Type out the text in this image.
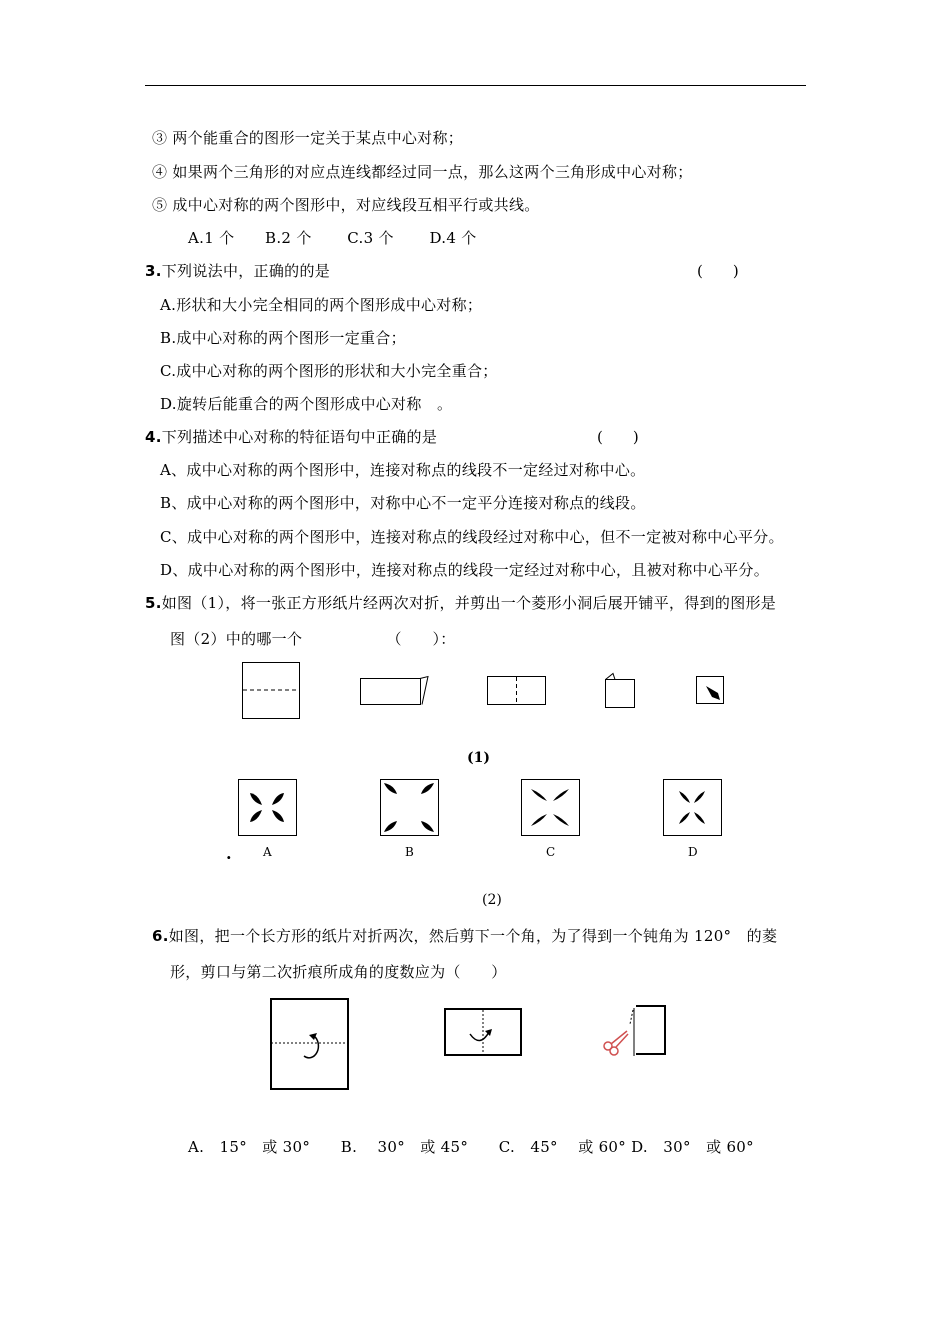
③ 两个能重合的图形一定关于某点中心对称；
④ 如果两个三角形的对应点连线都经过同一点，那么这两个三角形成中心对称；
⑤ 成中心对称的两个图形中，对应线段互相平行或共线。
A.1 个　　B.2 个　　 C.3 个　　 D.4 个
3.下列说法中，正确的的是	(　　)
A.形状和大小完全相同的两个图形成中心对称；
B.成中心对称的两个图形一定重合；
C.成中心对称的两个图形的形状和大小完全重合；
D.旋转后能重合的两个图形成中心对称　。
4.下列描述中心对称的特征语句中正确的是	(　　)
A、成中心对称的两个图形中，连接对称点的线段不一定经过对称中心。
B、成中心对称的两个图形中，对称中心不一定平分连接对称点的线段。
C、成中心对称的两个图形中，连接对称点的线段经过对称中心，但不一定被对称中心平分。
D、成中心对称的两个图形中，连接对称点的线段一定经过对称中心，且被对称中心平分。
5.如图（1），将一张正方形纸片经两次对折，并剪出一个菱形小洞后展开铺平，得到的图形是
图（2）中的哪一个　　　　　　（　　）：
(1)
.	A	B	C	D
(2)
6.如图，把一个长方形的纸片对折两次，然后剪下一个角，为了得到一个钝角为 120°　的菱
形，剪口与第二次折痕所成角的度数应为（　　）
A.　15°　或 30°　　B.　 30°　或 45°　　C.　45°　 或 60° D.　30°　或 60°
